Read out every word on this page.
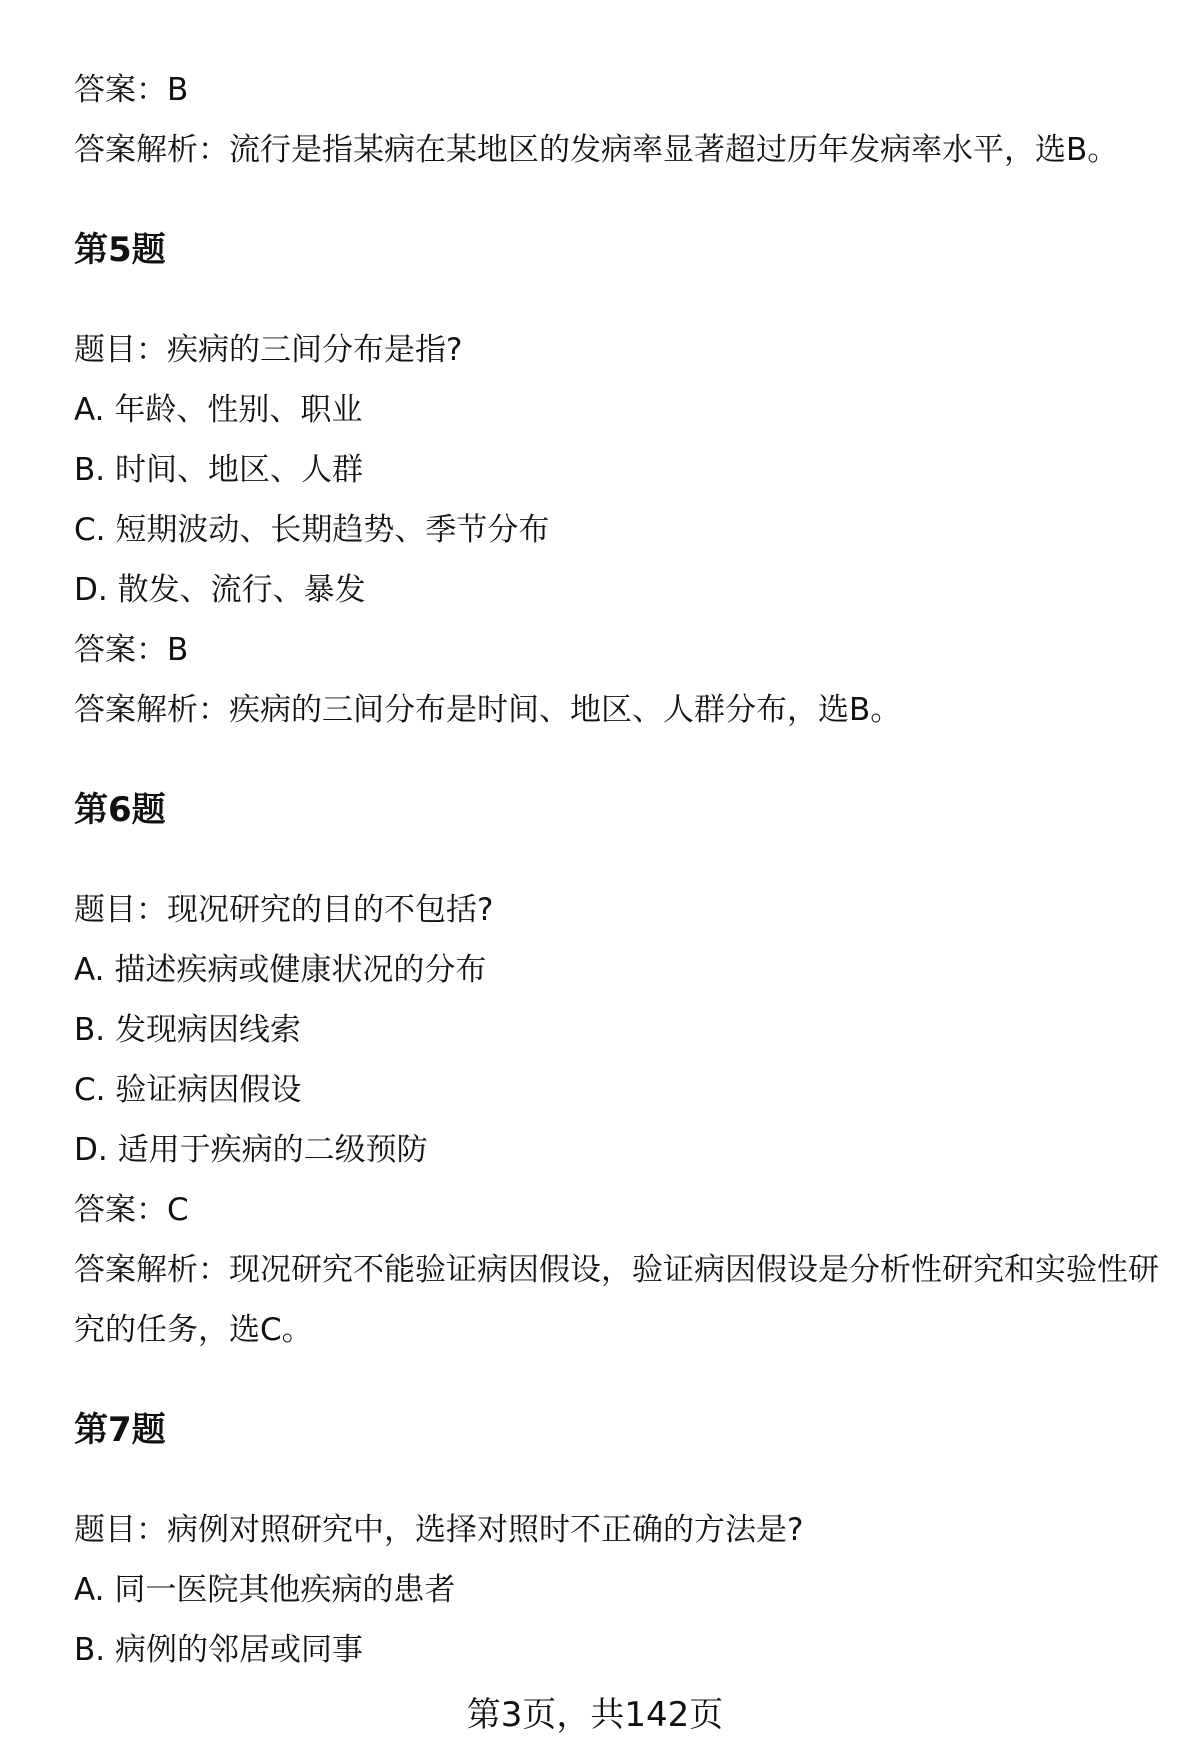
答案：B

答案解析：流行是指某病在某地区的发病率显著超过历年发病率水平，选B。

第5题

题目：疾病的三间分布是指?

A. 年龄、性别、职业

B. 时间、地区、人群

C. 短期波动、长期趋势、季节分布

D. 散发、流行、暴发

答案：B

答案解析：疾病的三间分布是时间、地区、人群分布，选B。

第6题

题目：现况研究的目的不包括?

A. 描述疾病或健康状况的分布

B. 发现病因线索

C. 验证病因假设

D. 适用于疾病的二级预防

答案：C

答案解析：现况研究不能验证病因假设，验证病因假设是分析性研究和实验性研究的任务，选C。

第7题

题目：病例对照研究中，选择对照时不正确的方法是?

A. 同一医院其他疾病的患者

B. 病例的邻居或同事

第3页，共142页
